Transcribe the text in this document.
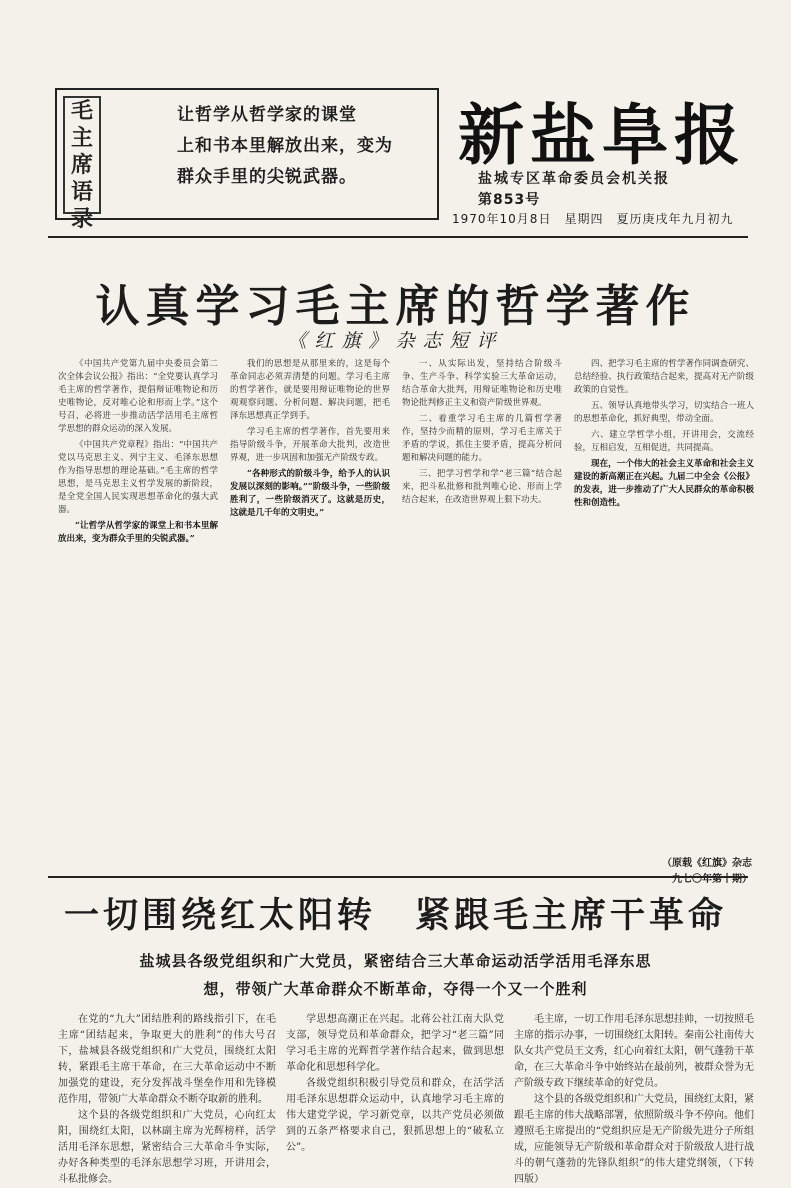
毛
主
席
语
录
让哲学从哲学家的课堂
上和书本里解放出来，变为
群众手里的尖锐武器。
新盐阜报
盐城专区革命委员会机关报
第853号
1970年10月8日　星期四　夏历庚戌年九月初九
认真学习毛主席的哲学著作
《红旗》杂志短评

《中国共产党第九届中央委员会第二次全体会议公报》指出：“全党要认真学习毛主席的哲学著作，提倡辩证唯物论和历史唯物论，反对唯心论和形而上学。”这个号召，必将进一步推动活学活用毛主席哲学思想的群众运动的深入发展。

《中国共产党章程》指出：“中国共产党以马克思主义、列宁主义、毛泽东思想作为指导思想的理论基础。”毛主席的哲学思想，是马克思主义哲学发展的新阶段，是全党全国人民实现思想革命化的强大武器。

“让哲学从哲学家的课堂上和书本里解放出来，变为群众手里的尖锐武器。”

我们的思想是从那里来的，这是每个革命同志必须弄清楚的问题。学习毛主席的哲学著作，就是要用辩证唯物论的世界观观察问题、分析问题、解决问题，把毛泽东思想真正学到手。

学习毛主席的哲学著作，首先要用来指导阶级斗争，开展革命大批判，改造世界观，进一步巩固和加强无产阶级专政。

“各种形式的阶级斗争，给予人的认识发展以深刻的影响。”“阶级斗争，一些阶级胜利了，一些阶级消灭了。这就是历史，这就是几千年的文明史。”

一、从实际出发，坚持结合阶级斗争、生产斗争、科学实验三大革命运动，结合革命大批判，用辩证唯物论和历史唯物论批判修正主义和资产阶级世界观。

二、着重学习毛主席的几篇哲学著作，坚持少而精的原则，学习毛主席关于矛盾的学说，抓住主要矛盾，提高分析问题和解决问题的能力。

三、把学习哲学和学“老三篇”结合起来，把斗私批修和批判唯心论、形而上学结合起来，在改造世界观上狠下功夫。

四、把学习毛主席的哲学著作同调查研究、总结经验、执行政策结合起来，提高对无产阶级政策的自觉性。

五、领导认真地带头学习，切实结合一班人的思想革命化，抓好典型，带动全面。

六、建立学哲学小组，开讲用会，交流经验，互相启发，互相促进，共同提高。

现在，一个伟大的社会主义革命和社会主义建设的新高潮正在兴起。九届二中全会《公报》的发表，进一步推动了广大人民群众的革命积极性和创造性。

（原载《红旗》杂志
一九七〇年第十期）
一切围绕红太阳转　紧跟毛主席干革命
盐城县各级党组织和广大党员，紧密结合三大革命运动活学活用毛泽东思
想，带领广大革命群众不断革命，夺得一个又一个胜利

在党的“九大”团结胜利的路线指引下，在毛主席“团结起来，争取更大的胜利”的伟大号召下，盐城县各级党组织和广大党员，围绕红太阳转，紧跟毛主席干革命，在三大革命运动中不断加强党的建设，充分发挥战斗堡垒作用和先锋模范作用，带领广大革命群众不断夺取新的胜利。

这个县的各级党组织和广大党员，心向红太阳，围绕红太阳，以林副主席为光辉榜样，活学活用毛泽东思想，紧密结合三大革命斗争实际，办好各种类型的毛泽东思想学习班，开讲用会，斗私批修会。

学思想高潮正在兴起。北蒋公社江南大队党支部，领导党员和革命群众，把学习“老三篇”同学习毛主席的光辉哲学著作结合起来，做到思想革命化和思想科学化。

各级党组织积极引导党员和群众，在活学活用毛泽东思想群众运动中，认真地学习毛主席的伟大建党学说，学习新党章，以共产党员必须做到的五条严格要求自己，狠抓思想上的“破私立公”。

毛主席，一切工作用毛泽东思想挂帅，一切按照毛主席的指示办事，一切围绕红太阳转。秦南公社南传大队女共产党员王文秀，红心向着红太阳，朝气蓬勃干革命，在三大革命斗争中始终站在最前列，被群众誉为无产阶级专政下继续革命的好党员。

这个县的各级党组织和广大党员，围绕红太阳，紧跟毛主席的伟大战略部署，依照阶级斗争不停向。他们遵照毛主席提出的“党组织应是无产阶级先进分子所组成，应能领导无产阶级和革命群众对于阶级敌人进行战斗的朝气蓬勃的先锋队组织”的伟大建党纲领，（下转四版）
